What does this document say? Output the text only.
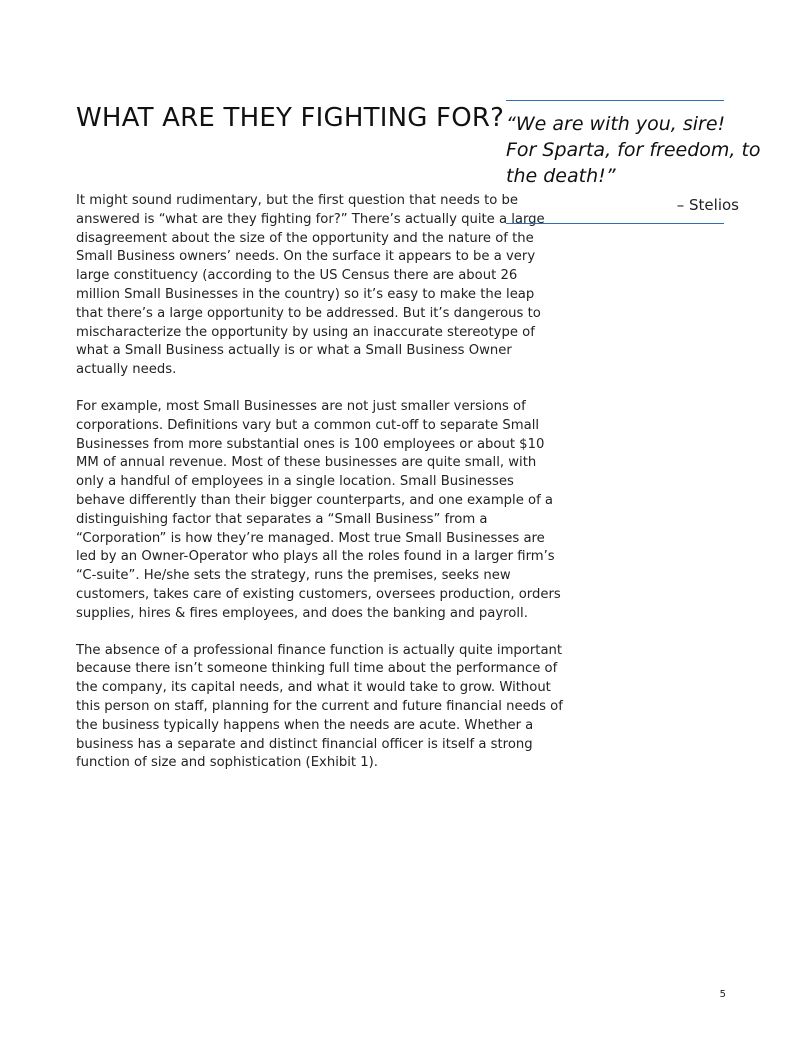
WHAT ARE THEY FIGHTING FOR?

It might sound rudimentary, but the first question that needs to be answered is “what are they fighting for?” There’s actually quite a large disagreement about the size of the opportunity and the nature of the Small Business owners’ needs. On the surface it appears to be a very large constituency (according to the US Census there are about 26 million Small Businesses in the country) so it’s easy to make the leap that there’s a large opportunity to be addressed. But it’s dangerous to mischaracterize the opportunity by using an inaccurate stereotype of what a Small Business actually is or what a Small Business Owner actually needs.

For example, most Small Businesses are not just smaller versions of corporations. Definitions vary but a common cut-off to separate Small Businesses from more substantial ones is 100 employees or about $10 MM of annual revenue. Most of these businesses are quite small, with only a handful of employees in a single location. Small Businesses behave differently than their bigger counterparts, and one example of a distinguishing factor that separates a “Small Business” from a “Corporation” is how they’re managed. Most true Small Businesses are led by an Owner-Operator who plays all the roles found in a larger firm’s “C-suite”. He/she sets the strategy, runs the premises, seeks new customers, takes care of existing customers, oversees production, orders supplies, hires & fires employees, and does the banking and payroll.

The absence of a professional finance function is actually quite important because there isn’t someone thinking full time about the performance of the company, its capital needs, and what it would take to grow. Without this person on staff, planning for the current and future financial needs of the business typically happens when the needs are acute. Whether a business has a separate and distinct financial officer is itself a strong function of size and sophistication (Exhibit 1).

“We are with you, sire!
For Sparta, for freedom, to the death!”

– Stelios

5
